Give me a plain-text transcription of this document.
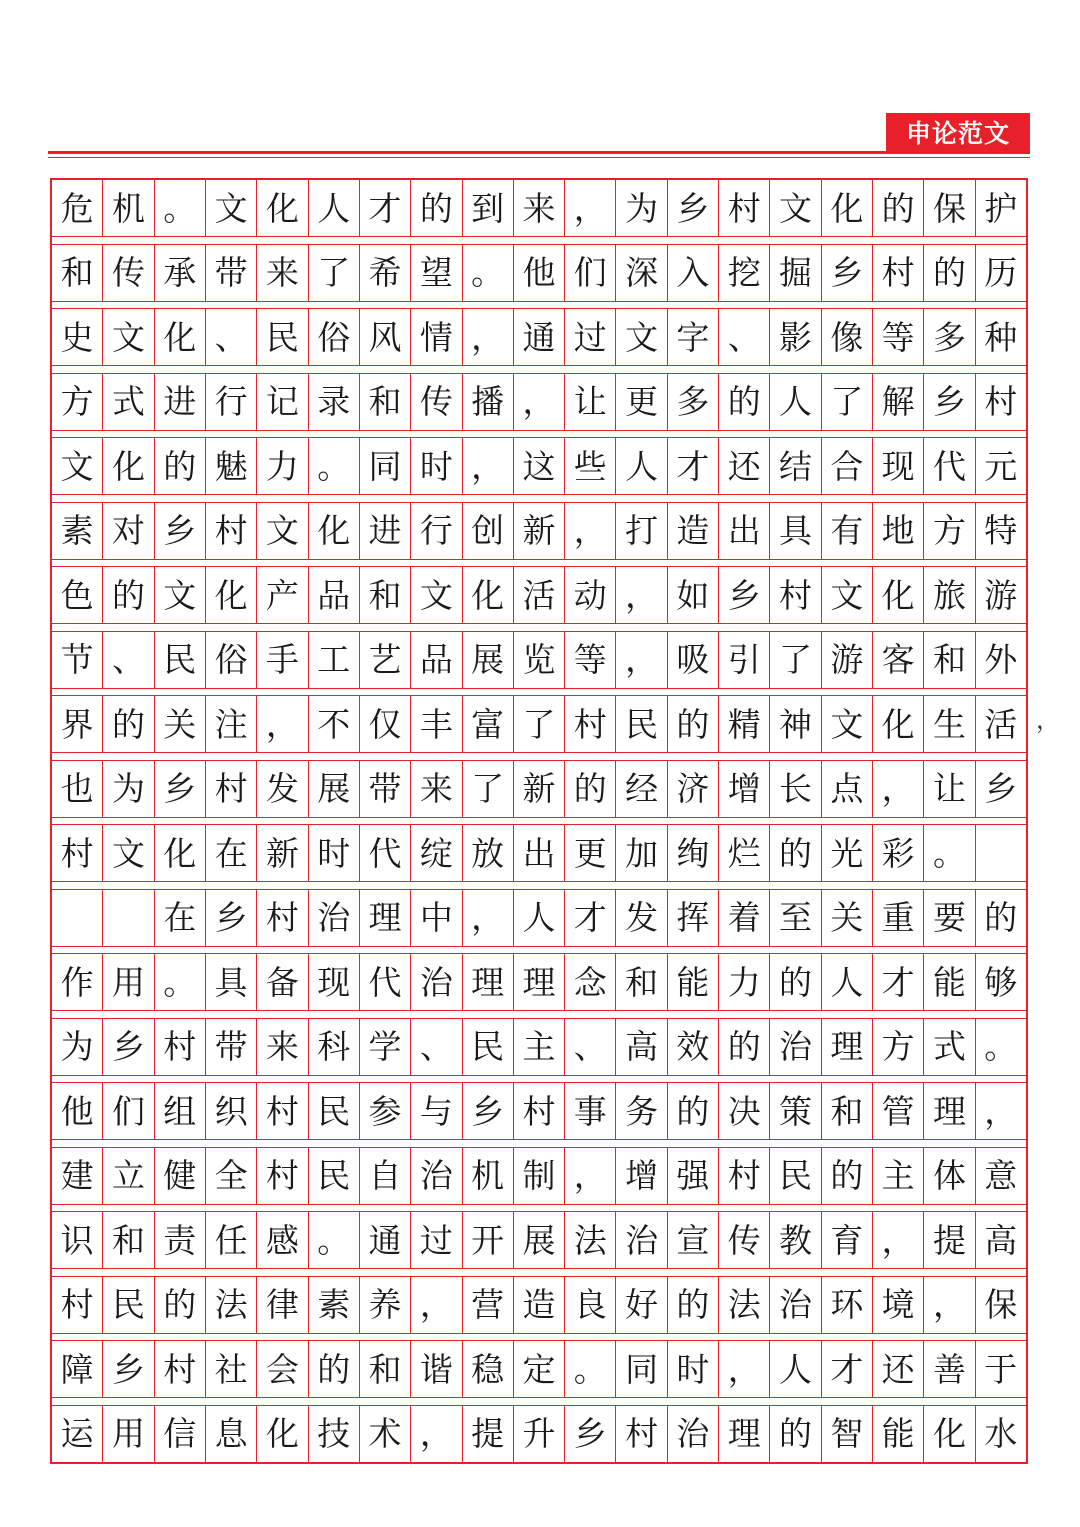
申论范文
危 机 。 文 化 人 才 的 到 来 ， 为 乡 村 文 化 的 保 护
和 传 承 带 来 了 希 望 。 他 们 深 入 挖 掘 乡 村 的 历
史 文 化 、 民 俗 风 情 ， 通 过 文 字 、 影 像 等 多 种
方 式 进 行 记 录 和 传 播 ， 让 更 多 的 人 了 解 乡 村
文 化 的 魅 力 。 同 时 ， 这 些 人 才 还 结 合 现 代 元
素 对 乡 村 文 化 进 行 创 新 ， 打 造 出 具 有 地 方 特
色 的 文 化 产 品 和 文 化 活 动 ， 如 乡 村 文 化 旅 游
节 、 民 俗 手 工 艺 品 展 览 等 ， 吸 引 了 游 客 和 外
界 的 关 注 ， 不 仅 丰 富 了 村 民 的 精 神 文 化 生 活
也 为 乡 村 发 展 带 来 了 新 的 经 济 增 长 点 ， 让 乡
村 文 化 在 新 时 代 绽 放 出 更 加 绚 烂 的 光 彩 。
在 乡 村 治 理 中 ， 人 才 发 挥 着 至 关 重 要 的
作 用 。 具 备 现 代 治 理 理 念 和 能 力 的 人 才 能 够
为 乡 村 带 来 科 学 、 民 主 、 高 效 的 治 理 方 式 。
他 们 组 织 村 民 参 与 乡 村 事 务 的 决 策 和 管 理 ，
建 立 健 全 村 民 自 治 机 制 ， 增 强 村 民 的 主 体 意
识 和 责 任 感 。 通 过 开 展 法 治 宣 传 教 育 ， 提 高
村 民 的 法 律 素 养 ， 营 造 良 好 的 法 治 环 境 ， 保
障 乡 村 社 会 的 和 谐 稳 定 。 同 时 ， 人 才 还 善 于
运 用 信 息 化 技 术 ， 提 升 乡 村 治 理 的 智 能 化 水
，
